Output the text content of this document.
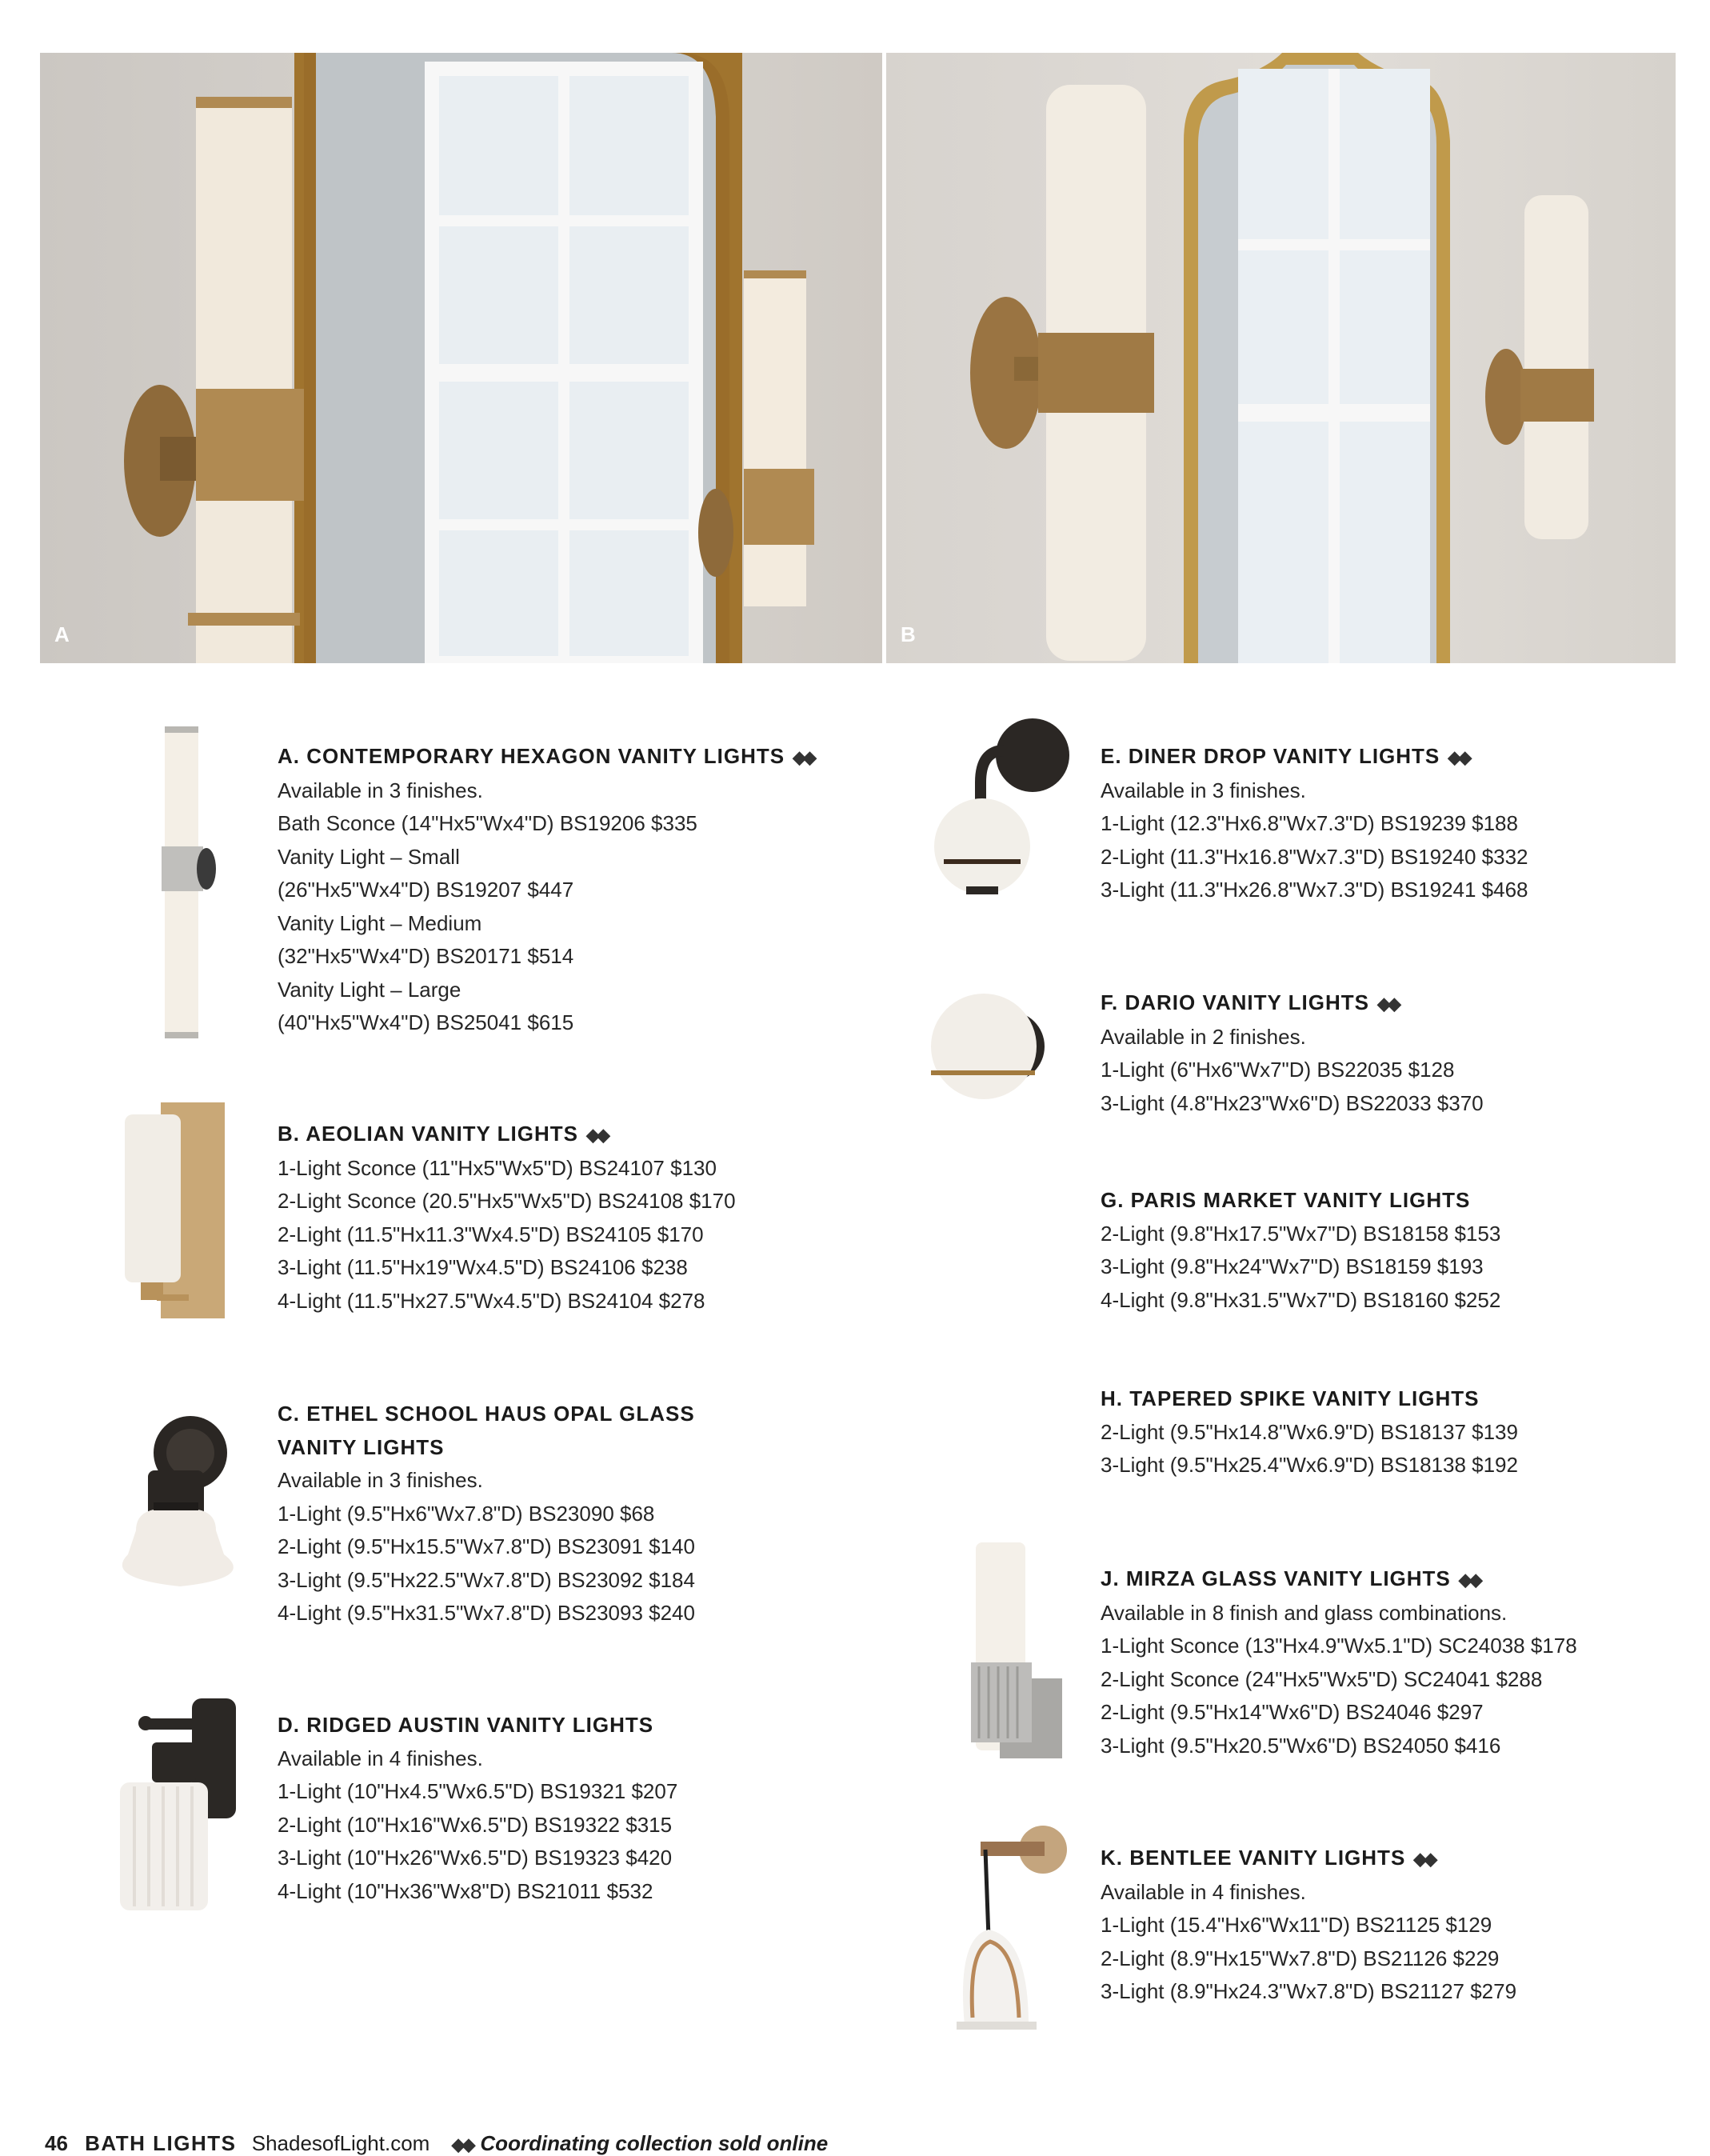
A	B
A. CONTEMPORARY HEXAGON VANITY LIGHTS ◆◆
Available in 3 finishes.
Bath Sconce (14"Hx5"Wx4"D) BS19206 $335
Vanity Light – Small
(26"Hx5"Wx4"D) BS19207 $447
Vanity Light – Medium
(32"Hx5"Wx4"D) BS20171 $514
Vanity Light – Large
(40"Hx5"Wx4"D) BS25041 $615
B. AEOLIAN VANITY LIGHTS ◆◆
1-Light Sconce (11"Hx5"Wx5"D) BS24107 $130
2-Light Sconce (20.5"Hx5"Wx5"D) BS24108 $170
2-Light (11.5"Hx11.3"Wx4.5"D) BS24105 $170
3-Light (11.5"Hx19"Wx4.5"D) BS24106 $238
4-Light (11.5"Hx27.5"Wx4.5"D) BS24104 $278
C. ETHEL SCHOOL HAUS OPAL GLASS
VANITY LIGHTS
Available in 3 finishes.
1-Light (9.5"Hx6"Wx7.8"D) BS23090 $68
2-Light (9.5"Hx15.5"Wx7.8"D) BS23091 $140
3-Light (9.5"Hx22.5"Wx7.8"D) BS23092 $184
4-Light (9.5"Hx31.5"Wx7.8"D) BS23093 $240
D. RIDGED AUSTIN VANITY LIGHTS
Available in 4 finishes.
1-Light (10"Hx4.5"Wx6.5"D) BS19321 $207
2-Light (10"Hx16"Wx6.5"D) BS19322 $315
3-Light (10"Hx26"Wx6.5"D) BS19323 $420
4-Light (10"Hx36"Wx8"D) BS21011 $532
E. DINER DROP VANITY LIGHTS ◆◆
Available in 3 finishes.
1-Light (12.3"Hx6.8"Wx7.3"D) BS19239 $188
2-Light (11.3"Hx16.8"Wx7.3"D) BS19240 $332
3-Light (11.3"Hx26.8"Wx7.3"D) BS19241 $468
F. DARIO VANITY LIGHTS ◆◆
Available in 2 finishes.
1-Light (6"Hx6"Wx7"D) BS22035 $128
3-Light (4.8"Hx23"Wx6"D) BS22033 $370
G. PARIS MARKET VANITY LIGHTS
2-Light (9.8"Hx17.5"Wx7"D) BS18158 $153
3-Light (9.8"Hx24"Wx7"D) BS18159 $193
4-Light (9.8"Hx31.5"Wx7"D) BS18160 $252
H. TAPERED SPIKE VANITY LIGHTS
2-Light (9.5"Hx14.8"Wx6.9"D) BS18137 $139
3-Light (9.5"Hx25.4"Wx6.9"D) BS18138 $192
J. MIRZA GLASS VANITY LIGHTS ◆◆
Available in 8 finish and glass combinations.
1-Light Sconce (13"Hx4.9"Wx5.1"D) SC24038 $178
2-Light Sconce (24"Hx5"Wx5"D) SC24041 $288
2-Light (9.5"Hx14"Wx6"D) BS24046 $297
3-Light (9.5"Hx20.5"Wx6"D) BS24050 $416
K. BENTLEE VANITY LIGHTS ◆◆
Available in 4 finishes.
1-Light (15.4"Hx6"Wx11"D) BS21125 $129
2-Light (8.9"Hx15"Wx7.8"D) BS21126 $229
3-Light (8.9"Hx24.3"Wx7.8"D) BS21127 $279
46 BATH LIGHTS ShadesofLight.com ◆◆ Coordinating collection sold online
